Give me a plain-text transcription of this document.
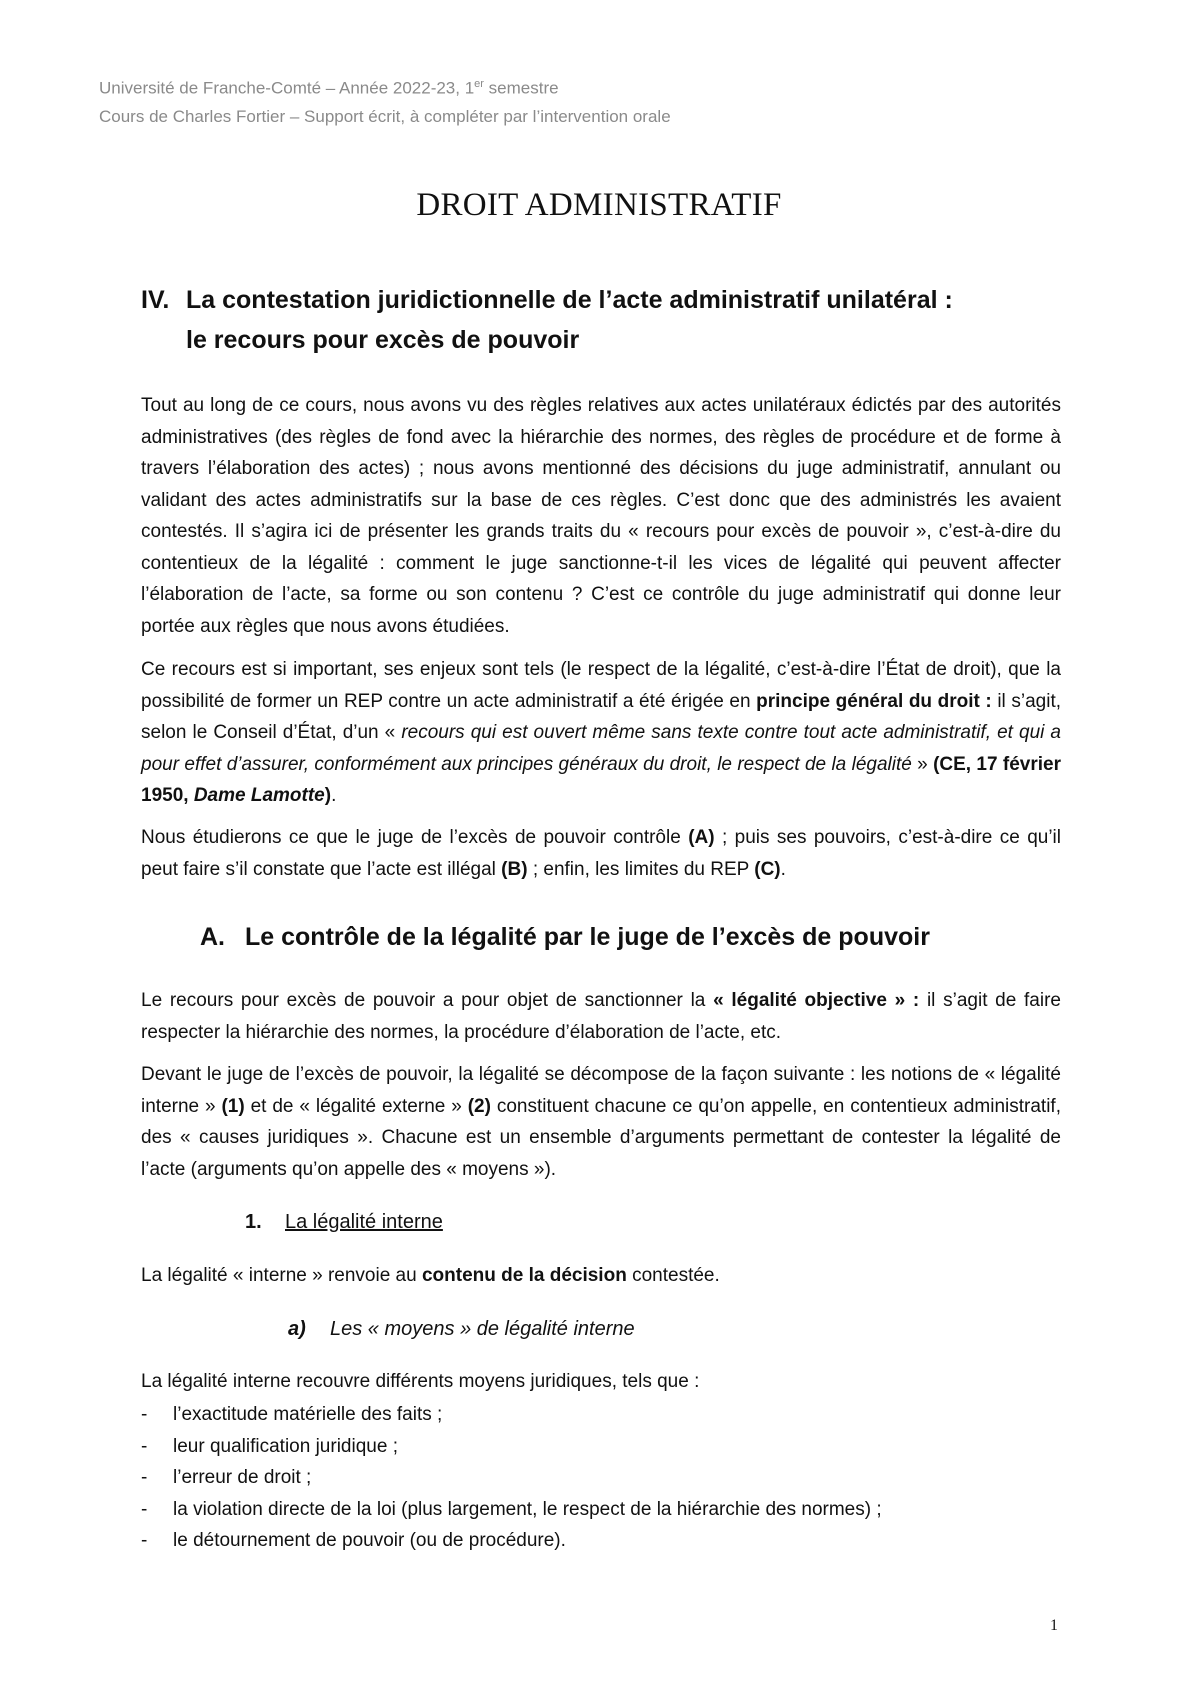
Université de Franche-Comté – Année 2022-23, 1er semestre
Cours de Charles Fortier – Support écrit, à compléter par l’intervention orale
DROIT ADMINISTRATIF
IV. La contestation juridictionnelle de l’acte administratif unilatéral :
le recours pour excès de pouvoir

Tout au long de ce cours, nous avons vu des règles relatives aux actes unilatéraux édictés par des autorités administratives (des règles de fond avec la hiérarchie des normes, des règles de procédure et de forme à travers l’élaboration des actes) ; nous avons mentionné des décisions du juge administratif, annulant ou validant des actes administratifs sur la base de ces règles. C’est donc que des administrés les avaient contestés. Il s’agira ici de présenter les grands traits du « recours pour excès de pouvoir », c’est-à-dire du contentieux de la légalité : comment le juge sanctionne-t-il les vices de légalité qui peuvent affecter l’élaboration de l’acte, sa forme ou son contenu ? C’est ce contrôle du juge administratif qui donne leur portée aux règles que nous avons étudiées.

Ce recours est si important, ses enjeux sont tels (le respect de la légalité, c’est-à-dire l’État de droit), que la possibilité de former un REP contre un acte administratif a été érigée en principe général du droit : il s’agit, selon le Conseil d’État, d’un « recours qui est ouvert même sans texte contre tout acte administratif, et qui a pour effet d’assurer, conformément aux principes généraux du droit, le respect de la légalité » (CE, 17 février 1950, Dame Lamotte).

Nous étudierons ce que le juge de l’excès de pouvoir contrôle (A) ; puis ses pouvoirs, c’est-à-dire ce qu’il peut faire s’il constate que l’acte est illégal (B) ; enfin, les limites du REP (C).

A. Le contrôle de la légalité par le juge de l’excès de pouvoir

Le recours pour excès de pouvoir a pour objet de sanctionner la « légalité objective » : il s’agit de faire respecter la hiérarchie des normes, la procédure d’élaboration de l’acte, etc.

Devant le juge de l’excès de pouvoir, la légalité se décompose de la façon suivante : les notions de « légalité interne » (1) et de « légalité externe » (2) constituent chacune ce qu’on appelle, en contentieux administratif, des « causes juridiques ». Chacune est un ensemble d’arguments permettant de contester la légalité de l’acte (arguments qu’on appelle des « moyens »).

1. La légalité interne

La légalité « interne » renvoie au contenu de la décision contestée.

a) Les « moyens » de légalité interne

La légalité interne recouvre différents moyens juridiques, tels que :

- l’exactitude matérielle des faits ;
- leur qualification juridique ;
- l’erreur de droit ;
- la violation directe de la loi (plus largement, le respect de la hiérarchie des normes) ;
- le détournement de pouvoir (ou de procédure).
1
